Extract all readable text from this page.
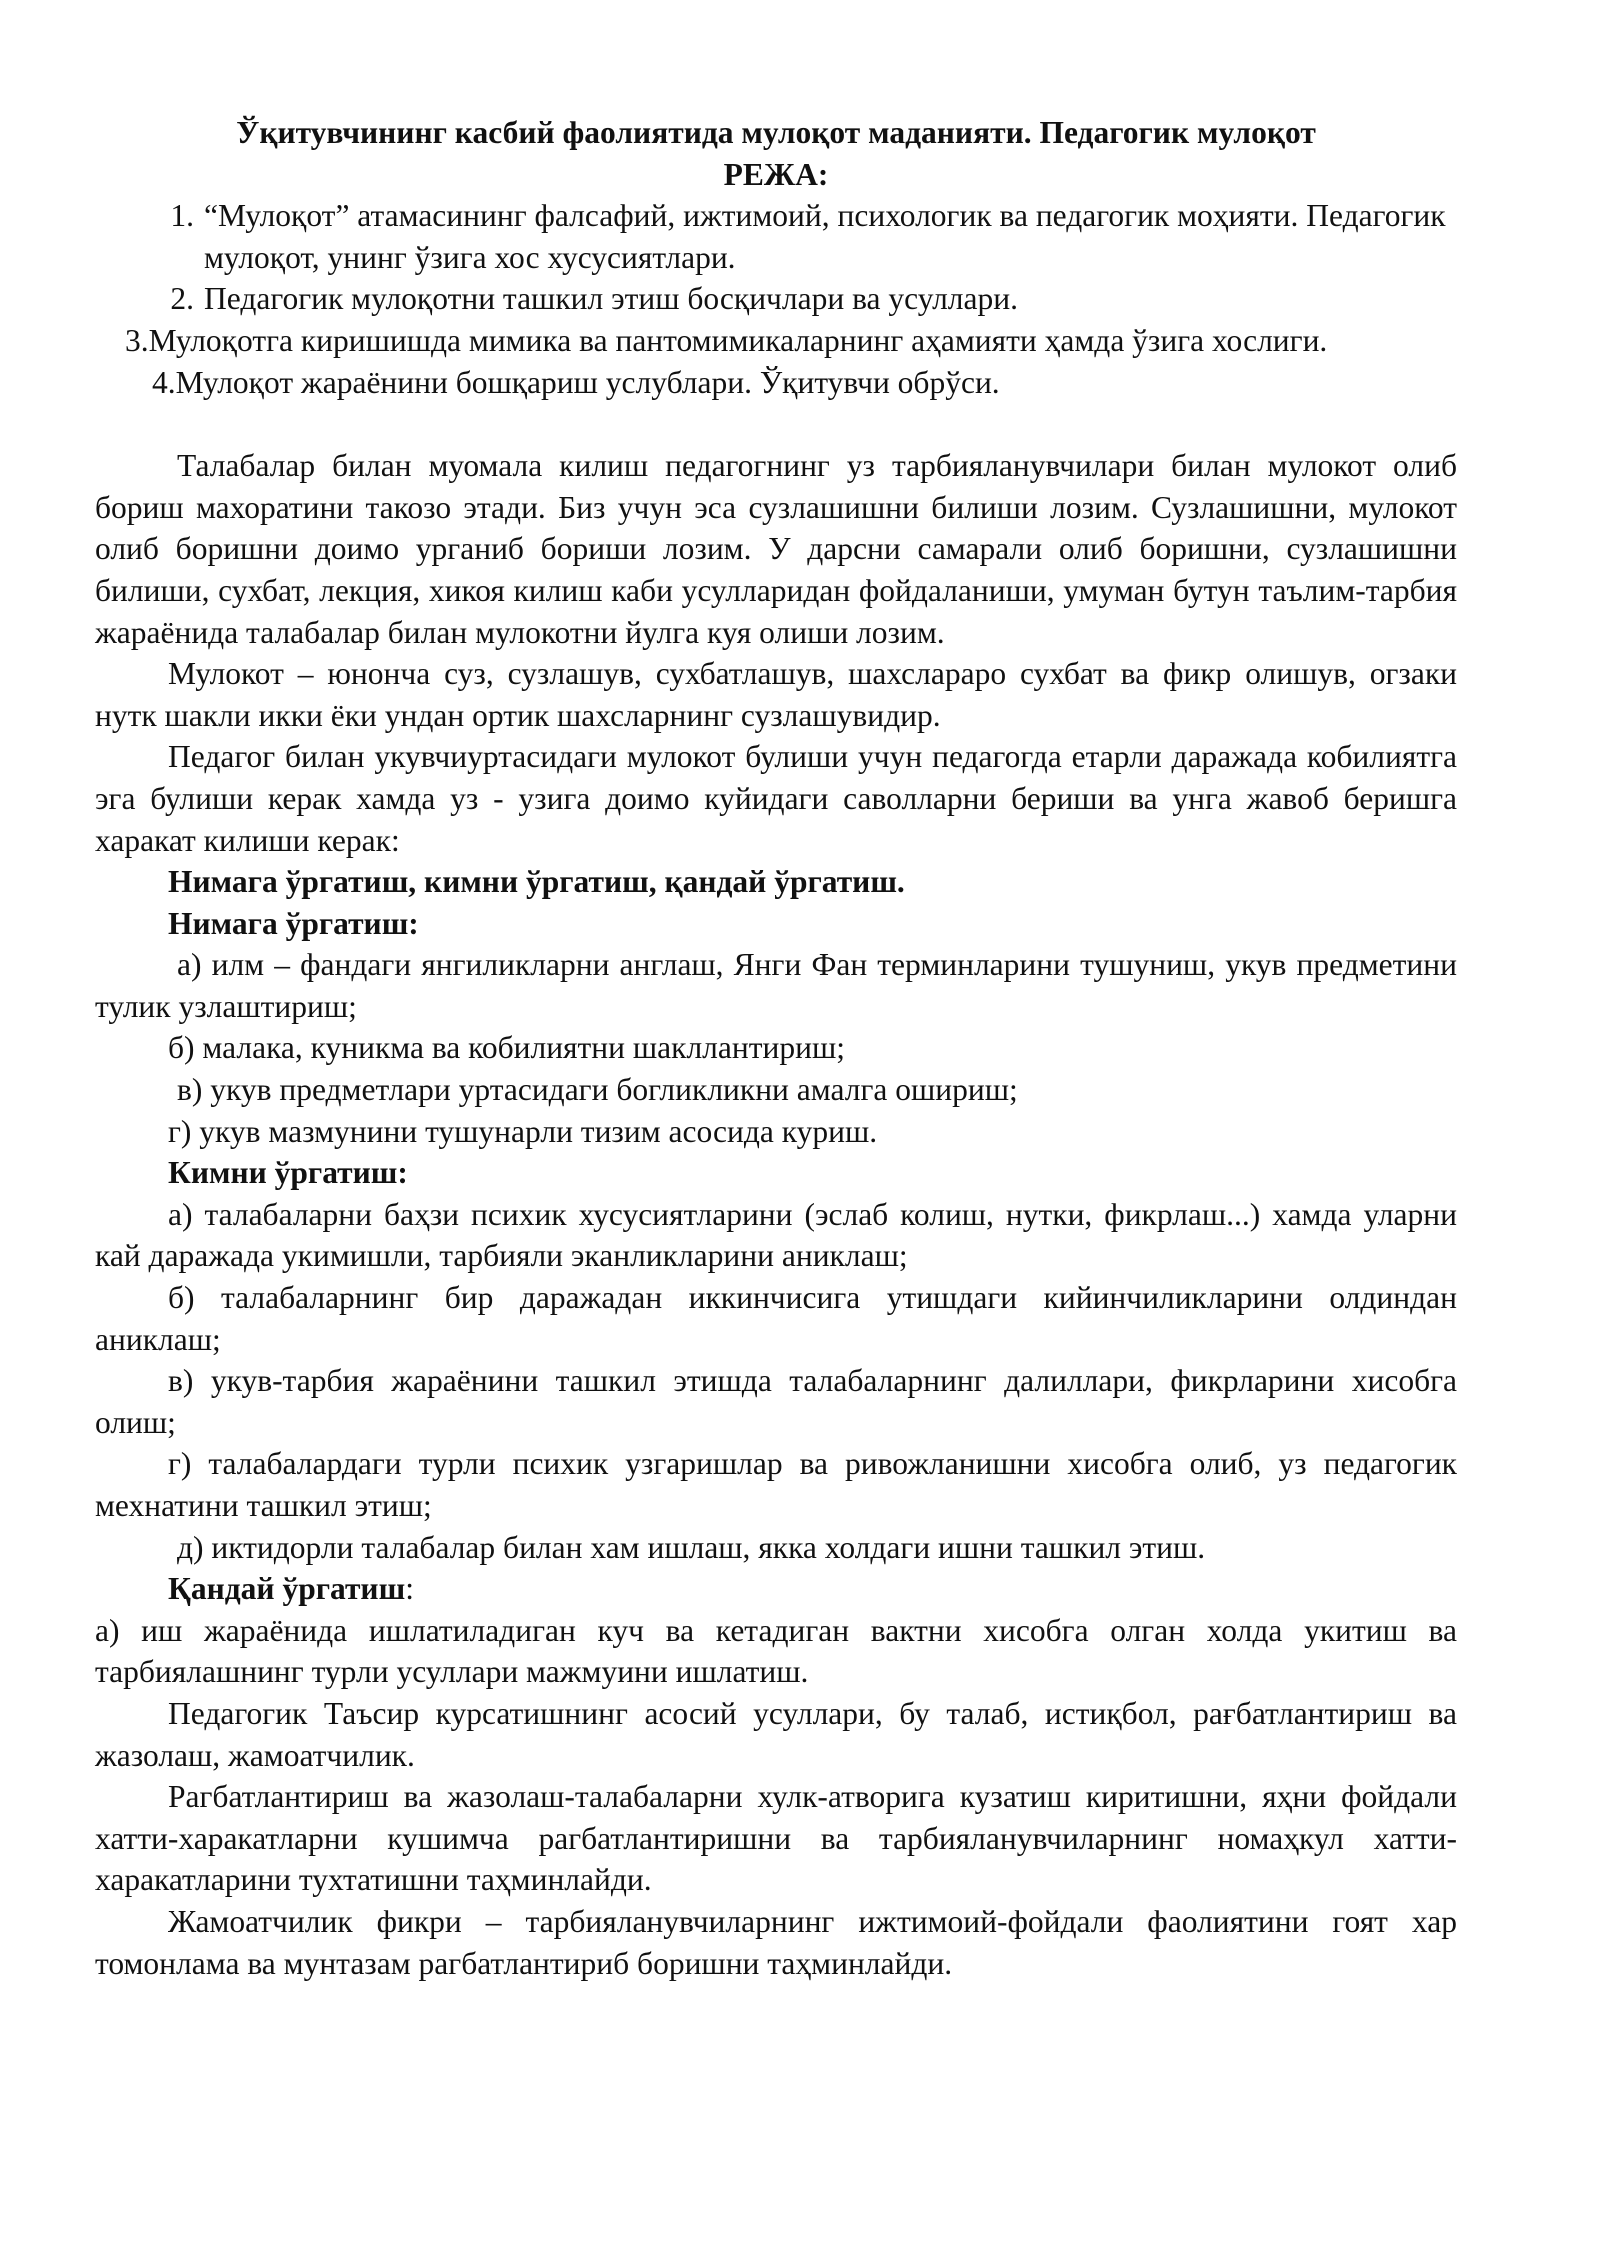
Ўқитувчининг касбий фаолиятида мулоқот маданияти. Педагогик мулоқот

РЕЖА:

1. “Мулоқот” атамасининг фалсафий, ижтимоий, психологик ва педагогик моҳияти. Педагогик мулоқот, унинг ўзига хос хусусиятлари.
2. Педагогик мулоқотни ташкил этиш босқичлари ва усуллари.

3.Мулоқотга киришишда мимика ва пантомимикаларнинг аҳамияти ҳамда ўзига хослиги.

4.Мулоқот жараёнини бошқариш услублари. Ўқитувчи обрўси.

Талабалар билан муомала килиш педагогнинг уз тарбияланувчилари билан мулокот олиб бориш махоратини такозо этади. Биз учун эса сузлашишни билиши лозим. Сузлашишни, мулокот олиб боришни доимо урганиб бориши лозим. У дарсни самарали олиб боришни, сузлашишни билиши, сухбат, лекция, хикоя килиш каби усулларидан фойдаланиши, умуман бутун таълим-тарбия жараёнида талабалар билан мулокотни йулга куя олиши лозим.

Мулокот – юнонча суз, сузлашув, сухбатлашув, шахсларaро сухбат ва фикр олишув, огзаки нутк шакли икки ёки ундан ортик шахсларнинг сузлашувидир.

Педагог билан укувчиуртасидаги мулокот булиши учун педагогда етарли даражада кобилиятга эга булиши керак хамда уз - узига доимо куйидаги саволларни бериши ва унга жавоб беришга харакат килиши керак:

Нимага ўргатиш, кимни ўргатиш, қандай ўргатиш.

Нимага ўргатиш:

а) илм – фандаги янгиликларни англаш, Янги Фан терминларини тушуниш, укув предметини тулик узлаштириш;

б) малака, куникма ва кобилиятни шакллантириш;

в) укув предметлари уртасидаги богликликни амалга ошириш;

г) укув мазмунини тушунарли тизим асосида куриш.

Кимни ўргатиш:

а) талабаларни баҳзи психик хусусиятларини (эслаб колиш, нутки, фикрлаш...) хамда уларни кай даражада укимишли, тарбияли эканликларини аниклаш;

б) талабаларнинг бир даражадан иккинчисига утишдаги кийинчиликларини олдиндан аниклаш;

в) укув-тарбия жараёнини ташкил этишда талабаларнинг далиллари, фикрларини хисобга олиш;

г) талабалардаги турли психик узгаришлар ва ривожланишни хисобга олиб, уз педагогик мехнатини ташкил этиш;

д) иктидорли талабалар билан хам ишлаш, якка холдаги ишни ташкил этиш.

Қандай ўргатиш:

а) иш жараёнида ишлатиладиган куч ва кетадиган вактни хисобга олган холда укитиш ва тарбиялашнинг турли усуллари мажмуини ишлатиш.

Педагогик Таъсир курсатишнинг асосий усуллари, бу талаб, истиқбол, рағбатлантириш ва жазолаш, жамоатчилик.

Рагбатлантириш ва жазолаш-талабаларни хулк-атворига кузатиш киритишни, яҳни фойдали хатти-харакатларни кушимча рагбатлантиришни ва тарбияланувчиларнинг номаҳкул хатти-харакатларини тухтатишни таҳминлайди.

Жамоатчилик фикри – тарбияланувчиларнинг ижтимоий-фойдали фаолиятини гоят хар томонлама ва мунтазам рагбатлантириб боришни таҳминлайди.
